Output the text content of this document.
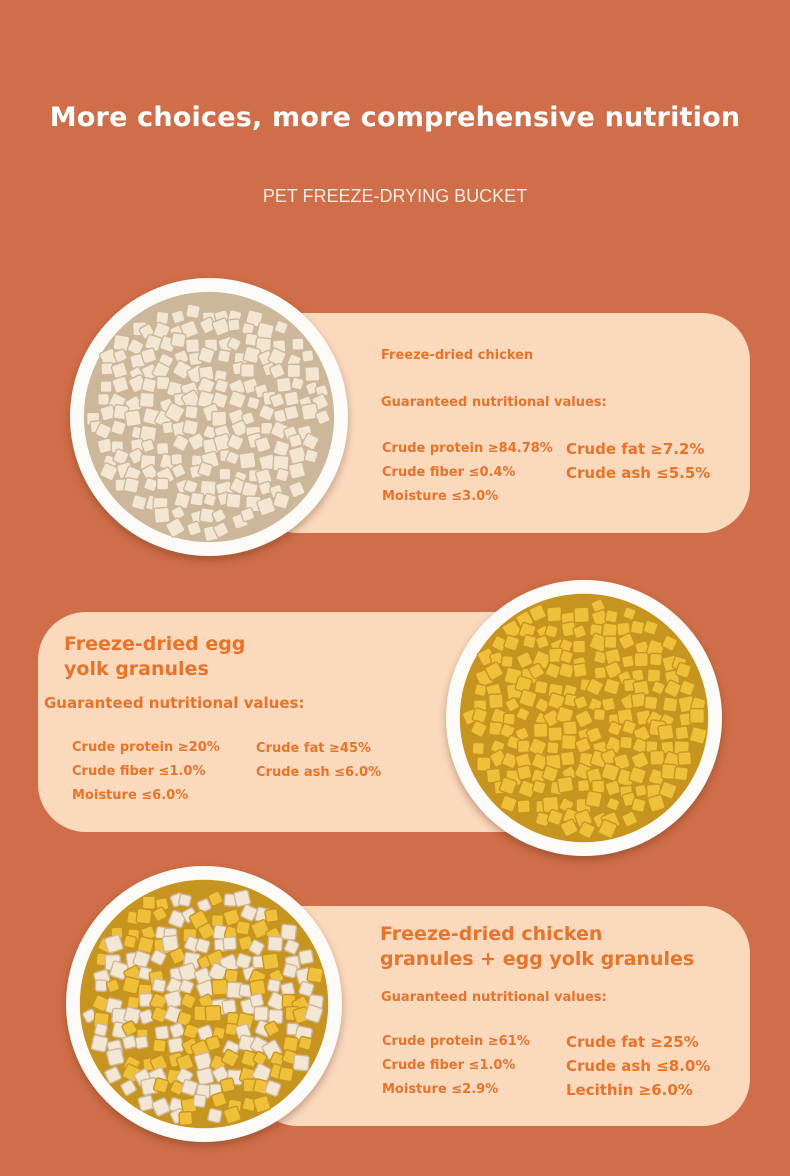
More choices, more comprehensive nutrition
PET FREEZE-DRYING BUCKET
Freeze-dried chicken
Guaranteed nutritional values:
Crude protein ≥84.78%
Crude fiber ≤0.4%
Moisture ≤3.0%
Crude fat ≥7.2%
Crude ash ≤5.5%
Freeze-dried egg
yolk granules
Guaranteed nutritional values:
Crude protein ≥20%
Crude fiber ≤1.0%
Moisture ≤6.0%
Crude fat ≥45%
Crude ash ≤6.0%
Freeze-dried chicken
granules + egg yolk granules
Guaranteed nutritional values:
Crude protein ≥61%
Crude fiber ≤1.0%
Moisture ≤2.9%
Crude fat ≥25%
Crude ash ≤8.0%
Lecithin ≥6.0%
